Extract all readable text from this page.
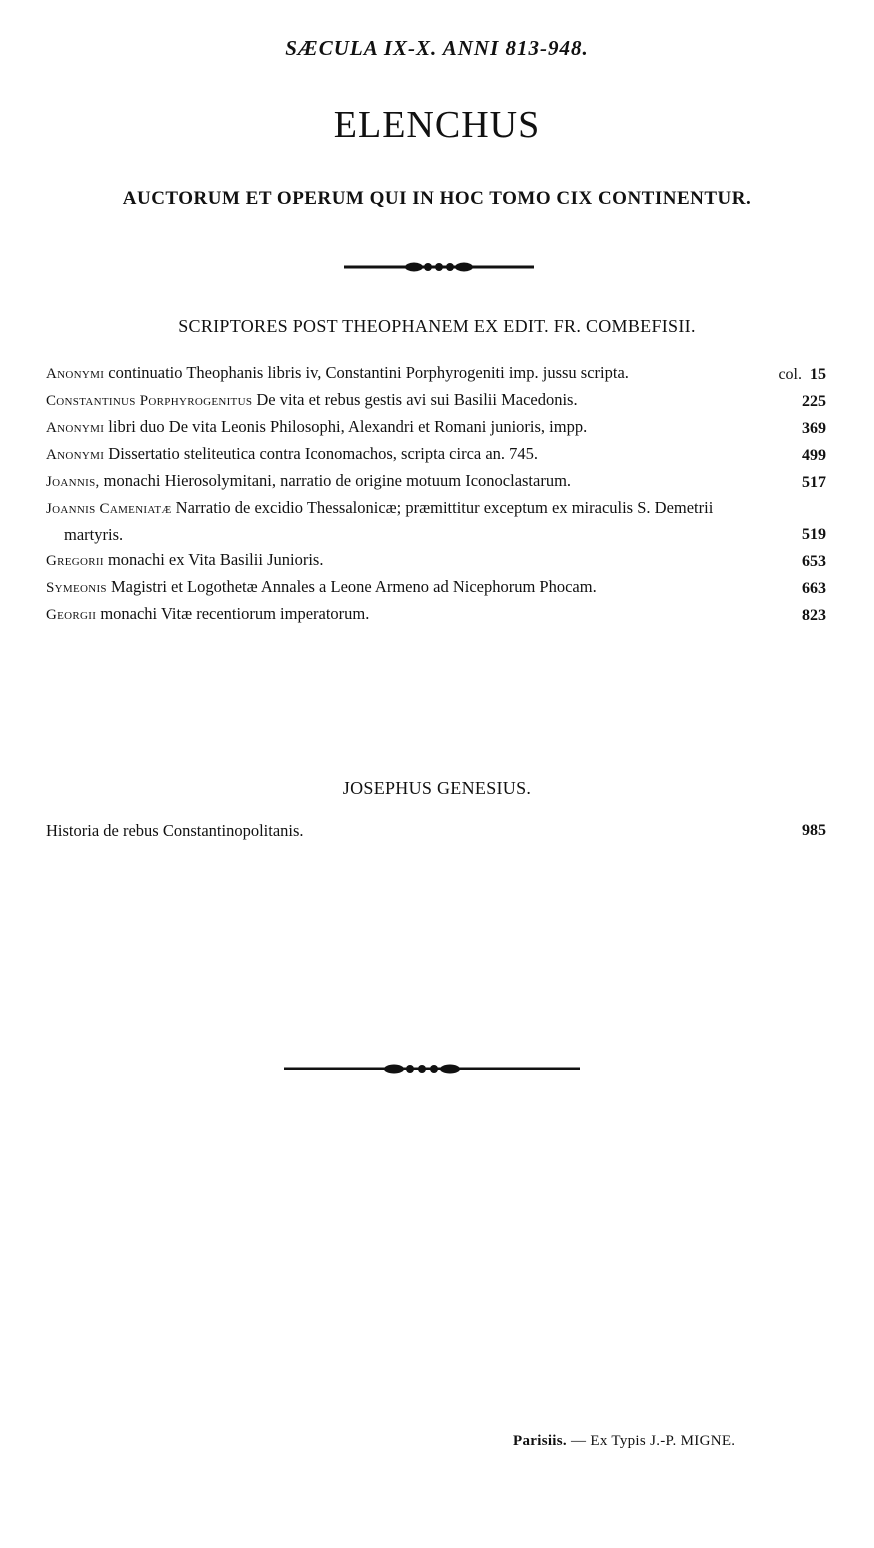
SÆCULA IX-X. ANNI 813-948.
ELENCHUS
AUCTORUM ET OPERUM QUI IN HOC TOMO CIX CONTINENTUR.
SCRIPTORES POST THEOPHANEM EX EDIT. FR. COMBEFISII.
Anonymi continuatio Theophanis libris iv, Constantini Porphyrogeniti imp. jussu scripta.	col. 15
Constantinus Porphyrogenitus De vita et rebus gestis avi sui Basilii Macedonis.	225
Anonymi libri duo De vita Leonis Philosophi, Alexandri et Romani junioris, impp.	369
Anonymi Dissertatio steliteutica contra Iconomachos, scripta circa an. 745.	499
Joannis, monachi Hierosolymitani, narratio de origine motuum Iconoclastarum.	517
Joannis Cameniatæ Narratio de excidio Thessalonicæ; præmittitur exceptum ex miraculis S. Demetrii martyris.	519
Gregorii monachi ex Vita Basilii Junioris.	653
Symeonis Magistri et Logothetæ Annales a Leone Armeno ad Nicephorum Phocam.	663
Georgii monachi Vitæ recentiorum imperatorum.	823
JOSEPHUS GENESIUS.
Historia de rebus Constantinopolitanis.	985
Parisiis. — Ex Typis J.-P. MIGNE.
